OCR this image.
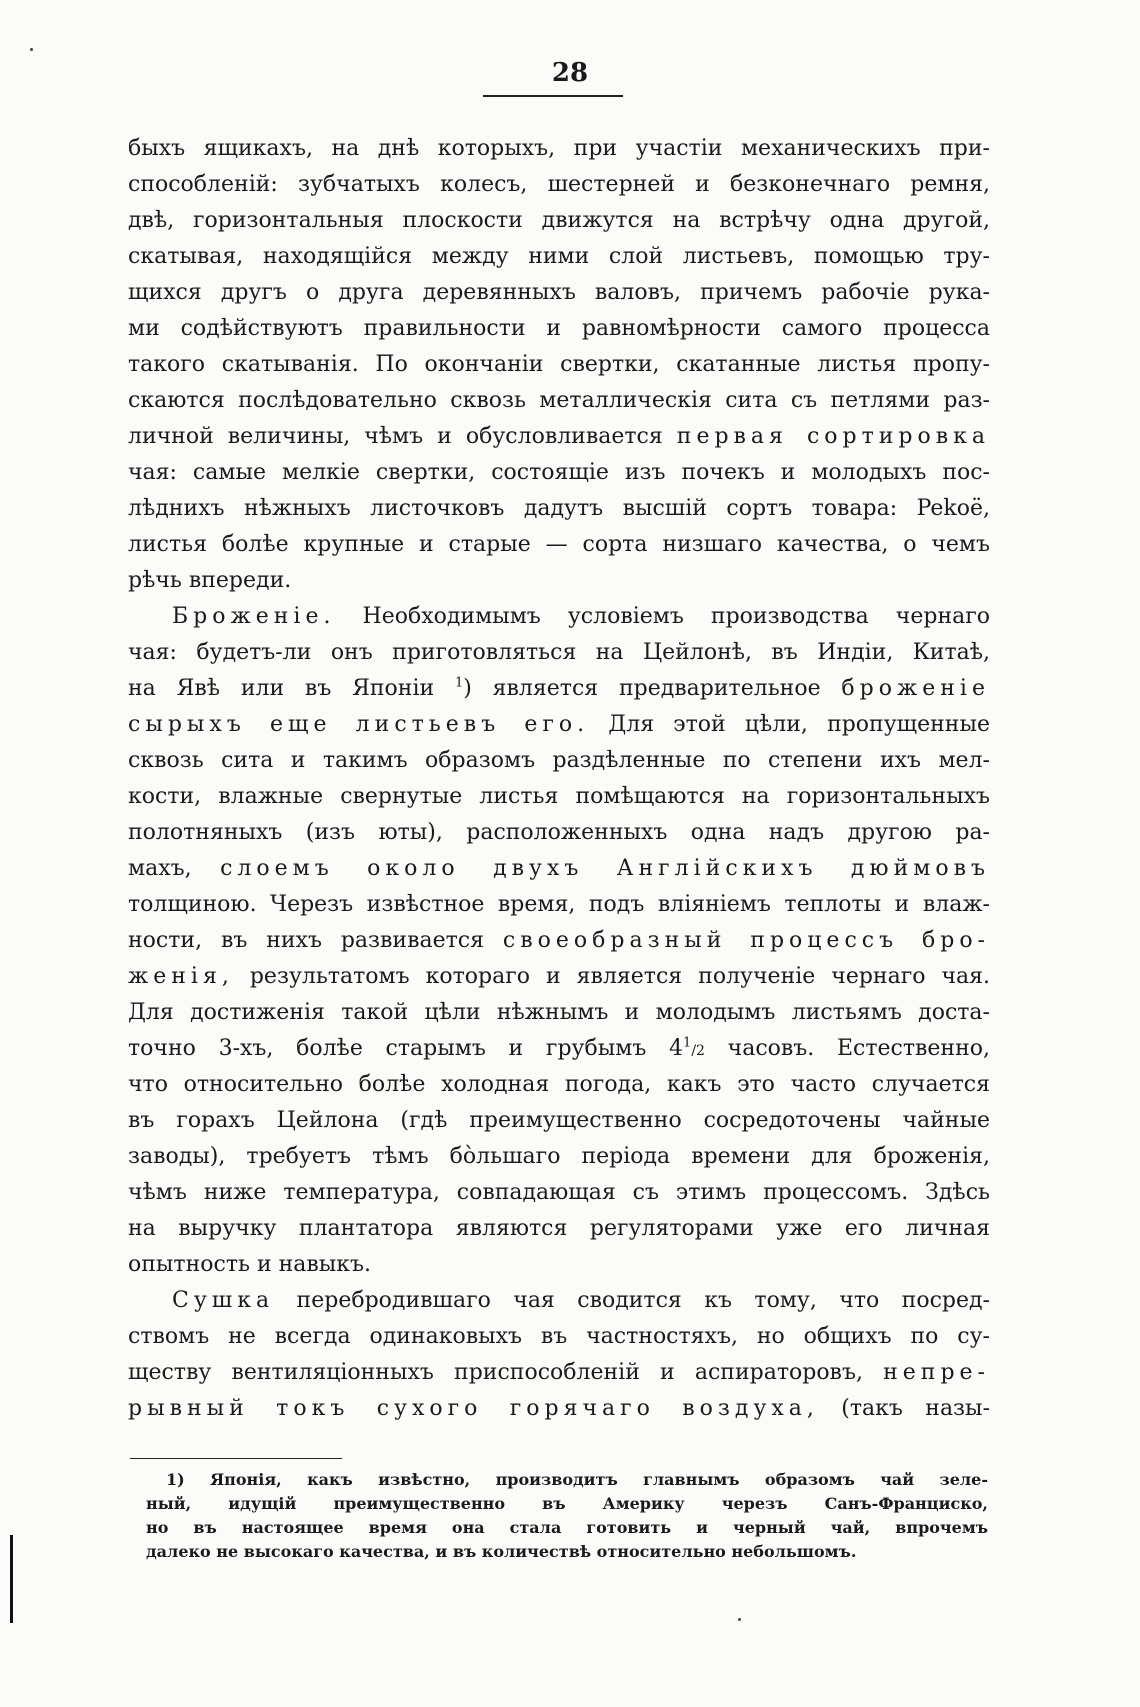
28
быхъ ящикахъ, на днѣ которыхъ, при участіи механическихъ при-
способленій: зубчатыхъ колесъ, шестерней и безконечнаго ремня,
двѣ, горизонтальныя плоскости движутся на встрѣчу одна другой,
скатывая, находящійся между ними слой листьевъ, помощью тру-
щихся другъ о друга деревянныхъ валовъ, причемъ рабочіе рука-
ми содѣйствуютъ правильности и равномѣрности самого процесса
такого скатыванія. По окончаніи свертки, скатанные листья пропу-
скаются послѣдовательно сквозь металлическія сита съ петлями раз-
личной величины, чѣмъ и обусловливается первая сортировка
чая: самые мелкіе свертки, состоящіе изъ почекъ и молодыхъ пос-
лѣднихъ нѣжныхъ листочковъ дадутъ высшій сортъ товара: Pekoё,
листья болѣе крупные и старые — сорта низшаго качества, о чемъ
рѣчь впереди.
Броженіе. Необходимымъ условіемъ производства чернаго
чая: будетъ-ли онъ приготовляться на Цейлонѣ, въ Индіи, Китаѣ,
на Явѣ или въ Японіи $^1$) является предварительное броженіе
сырыхъ еще листьевъ его. Для этой цѣли, пропущенные
сквозь сита и такимъ образомъ раздѣленные по степени ихъ мел-
кости, влажные свернутые листья помѣщаются на горизонтальныхъ
полотняныхъ (изъ юты), расположенныхъ одна надъ другою ра-
махъ, слоемъ около двухъ Англійскихъ дюймовъ
толщиною. Черезъ извѣстное время, подъ вліяніемъ теплоты и влаж-
ности, въ нихъ развивается своеобразный процессъ бро-
женія, результатомъ котораго и является полученіе чернаго чая.
Для достиженія такой цѣли нѣжнымъ и молодымъ листьямъ доста-
точно 3-хъ, болѣе старымъ и грубымъ $4^1/2$ часовъ. Естественно,
что относительно болѣе холодная погода, какъ это часто случается
въ горахъ Цейлона (гдѣ преимущественно сосредоточены чайные
заводы), требуетъ тѣмъ бо̀льшаго періода времени для броженія,
чѣмъ ниже температура, совпадающая съ этимъ процессомъ. Здѣсь
на выручку плантатора являются регуляторами уже его личная
опытность и навыкъ.
Сушка перебродившаго чая сводится къ тому, что посред-
ствомъ не всегда одинаковыхъ въ частностяхъ, но общихъ по су-
ществу вентиляціонныхъ приспособленій и аспираторовъ, непре-
рывный токъ сухого горячаго воздуха, (такъ назы-
1) Японія, какъ извѣстно, производитъ главнымъ образомъ чай зеле-
ный, идущій преимущественно въ Америку черезъ Санъ-Франциско,
но въ настоящее время она стала готовить и черный чай, впрочемъ
далеко не высокаго качества, и въ количествѣ относительно небольшомъ.
